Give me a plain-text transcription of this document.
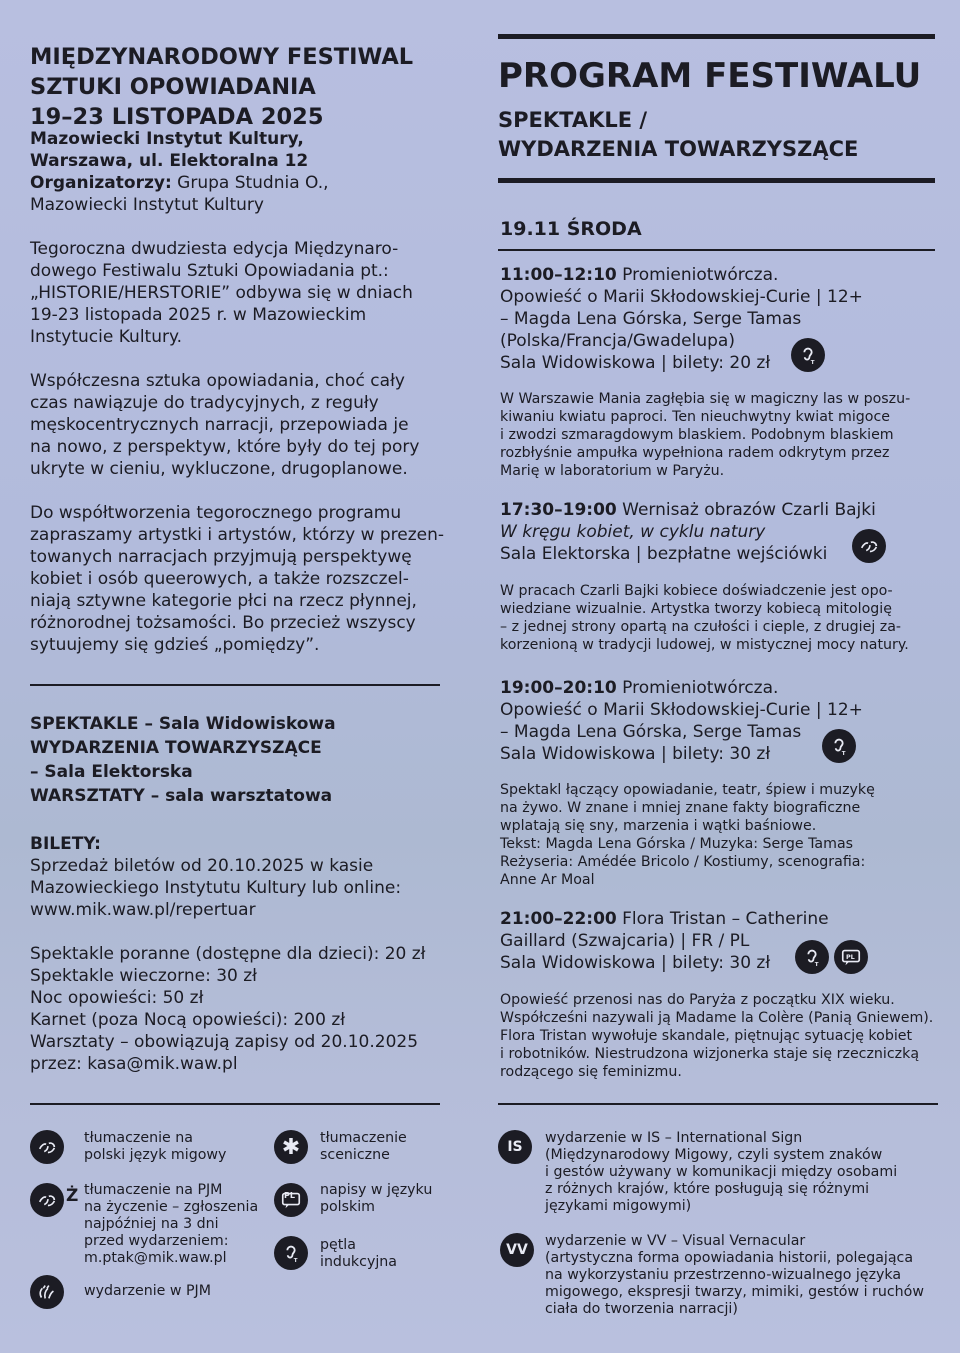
MIĘDZYNARODOWY FESTIWAL
SZTUKI OPOWIADANIA
19–23 LISTOPADA 2025
Mazowiecki Instytut Kultury,
Warszawa, ul. Elektoralna 12
Organizatorzy: Grupa Studnia O.,
Mazowiecki Instytut Kultury
Tegoroczna dwudziesta edycja Międzynaro-
dowego Festiwalu Sztuki Opowiadania pt.:
„HISTORIE/HERSTORIE” odbywa się w dniach
19-23 listopada 2025 r. w Mazowieckim
Instytucie Kultury.
Współczesna sztuka opowiadania, choć cały
czas nawiązuje do tradycyjnych, z reguły
męskocentrycznych narracji, przepowiada je
na nowo, z perspektyw, które były do tej pory
ukryte w cieniu, wykluczone, drugoplanowe.
Do współtworzenia tegorocznego programu
zapraszamy artystki i artystów, którzy w prezen-
towanych narracjach przyjmują perspektywę
kobiet i osób queerowych, a także rozszczel-
niają sztywne kategorie płci na rzecz płynnej,
różnorodnej tożsamości. Bo przecież wszyscy
sytuujemy się gdzieś „pomiędzy”.
SPEKTAKLE – Sala Widowiskowa
WYDARZENIA TOWARZYSZĄCE
– Sala Elektorska
WARSZTATY – sala warsztatowa
BILETY:
Sprzedaż biletów od 20.10.2025 w kasie
Mazowieckiego Instytutu Kultury lub online:
www.mik.waw.pl/repertuar
Spektakle poranne (dostępne dla dzieci): 20 zł
Spektakle wieczorne: 30 zł
Noc opowieści: 50 zł
Karnet (poza Nocą opowieści): 200 zł
Warsztaty – obowiązują zapisy od 20.10.2025
przez: kasa@mik.waw.pl
PROGRAM FESTIWALU
SPEKTAKLE /
WYDARZENIA TOWARZYSZĄCE
19.11 ŚRODA
11:00–12:10 Promieniotwórcza.
Opowieść o Marii Skłodowskiej-Curie | 12+
– Magda Lena Górska, Serge Tamas
(Polska/Francja/Gwadelupa)
Sala Widowiskowa | bilety: 20 zł	T
W Warszawie Mania zagłębia się w magiczny las w poszu-
kiwaniu kwiatu paproci. Ten nieuchwytny kwiat migoce
i zwodzi szmaragdowym blaskiem. Podobnym blaskiem
rozbłyśnie ampułka wypełniona radem odkrytym przez
Marię w laboratorium w Paryżu.
17:30–19:00 Wernisaż obrazów Czarli Bajki
W kręgu kobiet, w cyklu natury
Sala Elektorska | bezpłatne wejściówki
W pracach Czarli Bajki kobiece doświadczenie jest opo-
wiedziane wizualnie. Artystka tworzy kobiecą mitologię
– z jednej strony opartą na czułości i cieple, z drugiej za-
korzenioną w tradycji ludowej, w mistycznej mocy natury.
19:00–20:10 Promieniotwórcza.
Opowieść o Marii Skłodowskiej-Curie | 12+
– Magda Lena Górska, Serge Tamas
Sala Widowiskowa | bilety: 30 zł	T
Spektakl łączący opowiadanie, teatr, śpiew i muzykę
na żywo. W znane i mniej znane fakty biograficzne
wplatają się sny, marzenia i wątki baśniowe.
Tekst: Magda Lena Górska / Muzyka: Serge Tamas
Reżyseria: Amédée Bricolo / Kostiumy, scenografia:
Anne Ar Moal
21:00–22:00 Flora Tristan – Catherine
Gaillard (Szwajcaria) | FR / PL
Sala Widowiskowa | bilety: 30 zł	T
PL
Opowieść przenosi nas do Paryża z początku XIX wieku.
Współcześni nazywali ją Madame la Colère (Panią Gniewem).
Flora Tristan wywołuje skandale, piętnując sytuację kobiet
i robotników. Niestrudzona wizjonerka staje się rzeczniczką
rodzącego się feminizmu.
tłumaczenie na
polski język migowy
Ż tłumaczenie na PJM
na życzenie – zgłoszenia
najpóźniej na 3 dni
przed wydarzeniem:
m.ptak@mik.waw.pl
wydarzenie w PJM
✱ tłumaczenie
sceniczne
PL napisy w języku
polskim
T
pętla
indukcyjna
IS
wydarzenie w IS – International Sign
(Międzynarodowy Migowy, czyli system znaków
i gestów używany w komunikacji między osobami
z różnych krajów, które posługują się różnymi
językami migowymi)
VV
wydarzenie w VV – Visual Vernacular
(artystyczna forma opowiadania historii, polegająca
na wykorzystaniu przestrzenno-wizualnego języka
migowego, ekspresji twarzy, mimiki, gestów i ruchów
ciała do tworzenia narracji)
